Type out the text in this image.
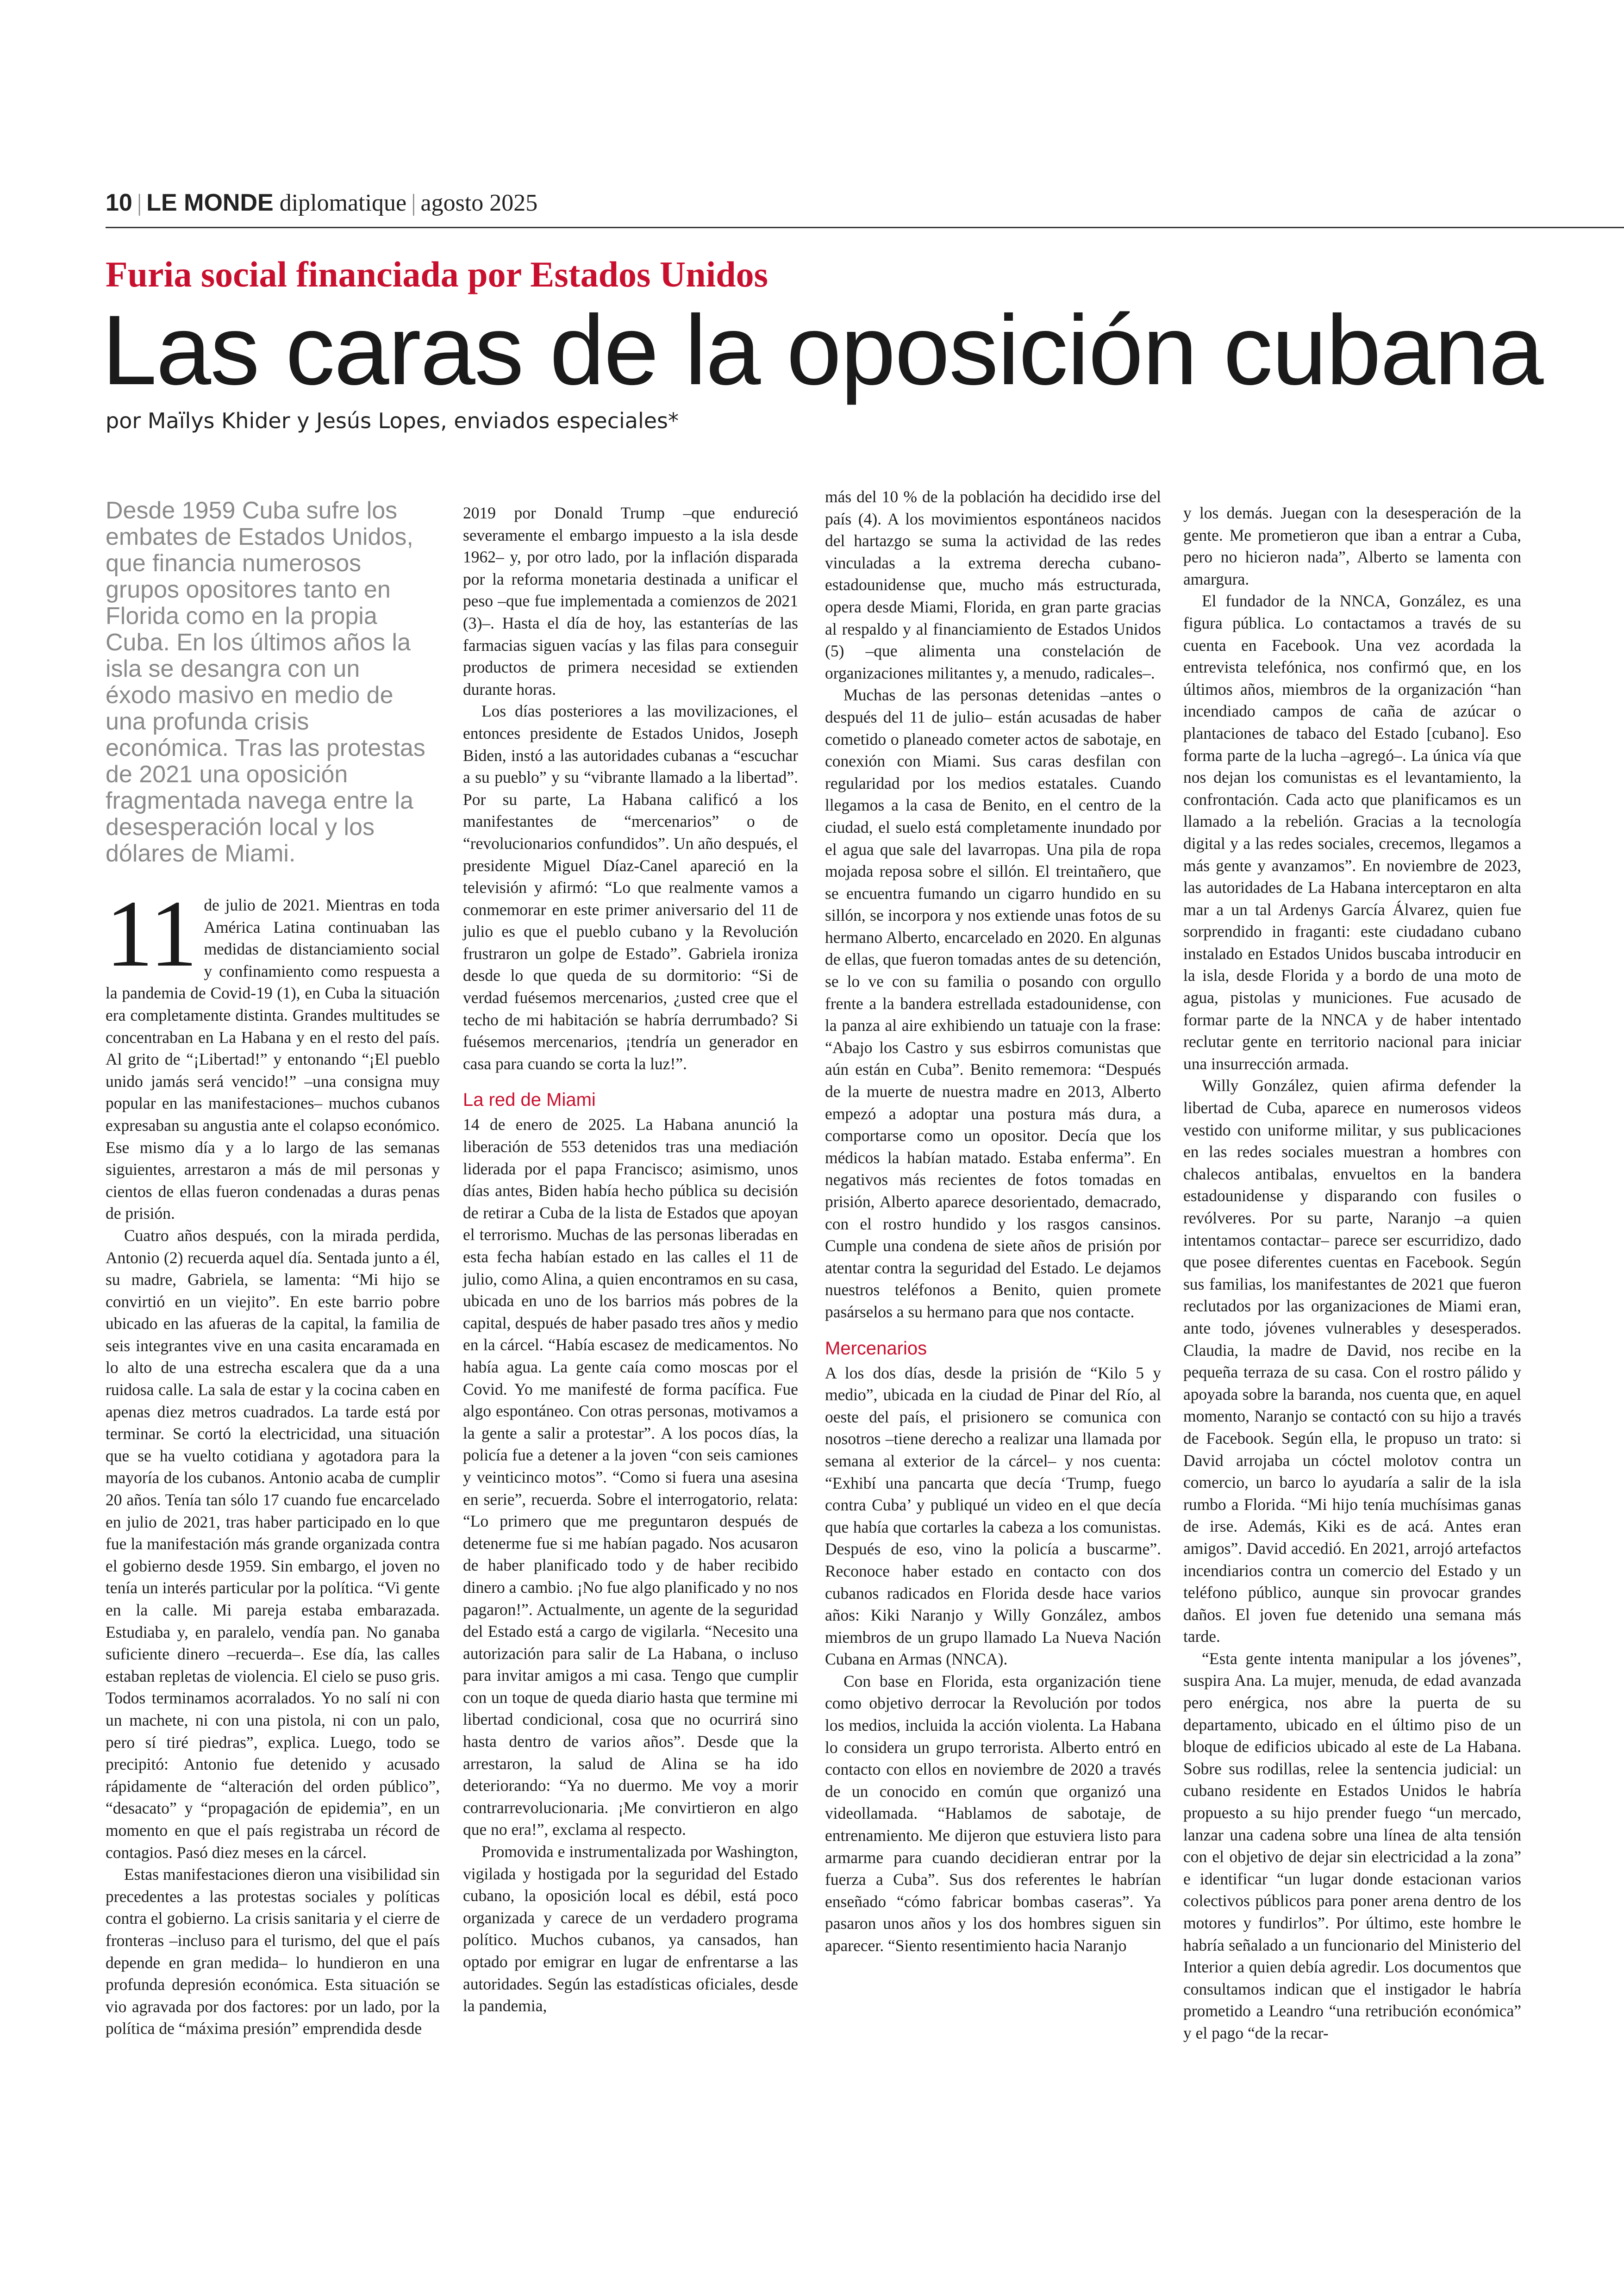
10 | LE MONDE diplomatique | agosto 2025
Furia social financiada por Estados Unidos
Las caras de la oposición cubana
por Maïlys Khider y Jesús Lopes, enviados especiales*

Desde 1959 Cuba sufre los embates de Estados Unidos, que financia numerosos grupos opositores tanto en Florida como en la propia Cuba. En los últimos años la isla se desangra con un éxodo masivo en medio de una profunda crisis económica. Tras las protestas de 2021 una oposición fragmentada navega entre la desesperación local y los dólares de Miami.

11 de julio de 2021. Mientras en toda América Latina continuaban las medidas de distanciamiento social y confinamiento como respuesta a la pandemia de Covid-19 (1), en Cuba la situación era completamente distinta. Grandes multitudes se concentraban en La Habana y en el resto del país. Al grito de “¡Libertad!” y entonando “¡El pueblo unido jamás será vencido!” –una consigna muy popular en las manifestaciones– muchos cubanos expresaban su angustia ante el colapso económico. Ese mismo día y a lo largo de las semanas siguientes, arrestaron a más de mil personas y cientos de ellas fueron condenadas a duras penas de prisión.

Cuatro años después, con la mirada perdida, Antonio (2) recuerda aquel día. Sentada junto a él, su madre, Gabriela, se lamenta: “Mi hijo se convirtió en un viejito”. En este barrio pobre ubicado en las afueras de la capital, la familia de seis integrantes vive en una casita encaramada en lo alto de una estrecha escalera que da a una ruidosa calle. La sala de estar y la cocina caben en apenas diez metros cuadrados. La tarde está por terminar. Se cortó la electricidad, una situación que se ha vuelto cotidiana y agotadora para la mayoría de los cubanos. Antonio acaba de cumplir 20 años. Tenía tan sólo 17 cuando fue encarcelado en julio de 2021, tras haber participado en lo que fue la manifestación más grande organizada contra el gobierno desde 1959. Sin embargo, el joven no tenía un interés particular por la política. “Vi gente en la calle. Mi pareja estaba embarazada. Estudiaba y, en paralelo, vendía pan. No ganaba suficiente dinero –recuerda–. Ese día, las calles estaban repletas de violencia. El cielo se puso gris. Todos terminamos acorralados. Yo no salí ni con un machete, ni con una pistola, ni con un palo, pero sí tiré piedras”, explica. Luego, todo se precipitó: Antonio fue detenido y acusado rápidamente de “alteración del orden público”, “desacato” y “propagación de epidemia”, en un momento en que el país registraba un récord de contagios. Pasó diez meses en la cárcel.

Estas manifestaciones dieron una visibilidad sin precedentes a las protestas sociales y políticas contra el gobierno. La crisis sanitaria y el cierre de fronteras –incluso para el turismo, del que el país depende en gran medida– lo hundieron en una profunda depresión económica. Esta situación se vio agravada por dos factores: por un lado, por la política de “máxima presión” emprendida desde

2019 por Donald Trump –que endureció severamente el embargo impuesto a la isla desde 1962– y, por otro lado, por la inflación disparada por la reforma monetaria destinada a unificar el peso –que fue implementada a comienzos de 2021 (3)–. Hasta el día de hoy, las estanterías de las farmacias siguen vacías y las filas para conseguir productos de primera necesidad se extienden durante horas.

Los días posteriores a las movilizaciones, el entonces presidente de Estados Unidos, Joseph Biden, instó a las autoridades cubanas a “escuchar a su pueblo” y su “vibrante llamado a la libertad”. Por su parte, La Habana calificó a los manifestantes de “mercenarios” o de “revolucionarios confundidos”. Un año después, el presidente Miguel Díaz-Canel apareció en la televisión y afirmó: “Lo que realmente vamos a conmemorar en este primer aniversario del 11 de julio es que el pueblo cubano y la Revolución frustraron un golpe de Estado”. Gabriela ironiza desde lo que queda de su dormitorio: “Si de verdad fuésemos mercenarios, ¿usted cree que el techo de mi habitación se habría derrumbado? Si fuésemos mercenarios, ¡tendría un generador en casa para cuando se corta la luz!”.

La red de Miami

14 de enero de 2025. La Habana anunció la liberación de 553 detenidos tras una mediación liderada por el papa Francisco; asimismo, unos días antes, Biden había hecho pública su decisión de retirar a Cuba de la lista de Estados que apoyan el terrorismo. Muchas de las personas liberadas en esta fecha habían estado en las calles el 11 de julio, como Alina, a quien encontramos en su casa, ubicada en uno de los barrios más pobres de la capital, después de haber pasado tres años y medio en la cárcel. “Había escasez de medicamentos. No había agua. La gente caía como moscas por el Covid. Yo me manifesté de forma pacífica. Fue algo espontáneo. Con otras personas, motivamos a la gente a salir a protestar”. A los pocos días, la policía fue a detener a la joven “con seis camiones y veinticinco motos”. “Como si fuera una asesina en serie”, recuerda. Sobre el interrogatorio, relata: “Lo primero que me preguntaron después de detenerme fue si me habían pagado. Nos acusaron de haber planificado todo y de haber recibido dinero a cambio. ¡No fue algo planificado y no nos pagaron!”. Actualmente, un agente de la seguridad del Estado está a cargo de vigilarla. “Necesito una autorización para salir de La Habana, o incluso para invitar amigos a mi casa. Tengo que cumplir con un toque de queda diario hasta que termine mi libertad condicional, cosa que no ocurrirá sino hasta dentro de varios años”. Desde que la arrestaron, la salud de Alina se ha ido deteriorando: “Ya no duermo. Me voy a morir contrarrevolucionaria. ¡Me convirtieron en algo que no era!”, exclama al respecto.

Promovida e instrumentalizada por Washington, vigilada y hostigada por la seguridad del Estado cubano, la oposición local es débil, está poco organizada y carece de un verdadero programa político. Muchos cubanos, ya cansados, han optado por emigrar en lugar de enfrentarse a las autoridades. Según las estadísticas oficiales, desde la pandemia,

más del 10 % de la población ha decidido irse del país (4). A los movimientos espontáneos nacidos del hartazgo se suma la actividad de las redes vinculadas a la extrema derecha cubano-estadounidense que, mucho más estructurada, opera desde Miami, Florida, en gran parte gracias al respaldo y al financiamiento de Estados Unidos (5) –que alimenta una constelación de organizaciones militantes y, a menudo, radicales–.

Muchas de las personas detenidas –antes o después del 11 de julio– están acusadas de haber cometido o planeado cometer actos de sabotaje, en conexión con Miami. Sus caras desfilan con regularidad por los medios estatales. Cuando llegamos a la casa de Benito, en el centro de la ciudad, el suelo está completamente inundado por el agua que sale del lavarropas. Una pila de ropa mojada reposa sobre el sillón. El treintañero, que se encuentra fumando un cigarro hundido en su sillón, se incorpora y nos extiende unas fotos de su hermano Alberto, encarcelado en 2020. En algunas de ellas, que fueron tomadas antes de su detención, se lo ve con su familia o posando con orgullo frente a la bandera estrellada estadounidense, con la panza al aire exhibiendo un tatuaje con la frase: “Abajo los Castro y sus esbirros comunistas que aún están en Cuba”. Benito rememora: “Después de la muerte de nuestra madre en 2013, Alberto empezó a adoptar una postura más dura, a comportarse como un opositor. Decía que los médicos la habían matado. Estaba enferma”. En negativos más recientes de fotos tomadas en prisión, Alberto aparece desorientado, demacrado, con el rostro hundido y los rasgos cansinos. Cumple una condena de siete años de prisión por atentar contra la seguridad del Estado. Le dejamos nuestros teléfonos a Benito, quien promete pasárselos a su hermano para que nos contacte.

Mercenarios

A los dos días, desde la prisión de “Kilo 5 y medio”, ubicada en la ciudad de Pinar del Río, al oeste del país, el prisionero se comunica con nosotros –tiene derecho a realizar una llamada por semana al exterior de la cárcel– y nos cuenta: “Exhibí una pancarta que decía ‘Trump, fuego contra Cuba’ y publiqué un video en el que decía que había que cortarles la cabeza a los comunistas. Después de eso, vino la policía a buscarme”. Reconoce haber estado en contacto con dos cubanos radicados en Florida desde hace varios años: Kiki Naranjo y Willy González, ambos miembros de un grupo llamado La Nueva Nación Cubana en Armas (NNCA).

Con base en Florida, esta organización tiene como objetivo derrocar la Revolución por todos los medios, incluida la acción violenta. La Habana lo considera un grupo terrorista. Alberto entró en contacto con ellos en noviembre de 2020 a través de un conocido en común que organizó una videollamada. “Hablamos de sabotaje, de entrenamiento. Me dijeron que estuviera listo para armarme para cuando decidieran entrar por la fuerza a Cuba”. Sus dos referentes le habrían enseñado “cómo fabricar bombas caseras”. Ya pasaron unos años y los dos hombres siguen sin aparecer. “Siento resentimiento hacia Naranjo

y los demás. Juegan con la desesperación de la gente. Me prometieron que iban a entrar a Cuba, pero no hicieron nada”, Alberto se lamenta con amargura.

El fundador de la NNCA, González, es una figura pública. Lo contactamos a través de su cuenta en Facebook. Una vez acordada la entrevista telefónica, nos confirmó que, en los últimos años, miembros de la organización “han incendiado campos de caña de azúcar o plantaciones de tabaco del Estado [cubano]. Eso forma parte de la lucha –agregó–. La única vía que nos dejan los comunistas es el levantamiento, la confrontación. Cada acto que planificamos es un llamado a la rebelión. Gracias a la tecnología digital y a las redes sociales, crecemos, llegamos a más gente y avanzamos”. En noviembre de 2023, las autoridades de La Habana interceptaron en alta mar a un tal Ardenys García Álvarez, quien fue sorprendido in fraganti: este ciudadano cubano instalado en Estados Unidos buscaba introducir en la isla, desde Florida y a bordo de una moto de agua, pistolas y municiones. Fue acusado de formar parte de la NNCA y de haber intentado reclutar gente en territorio nacional para iniciar una insurrección armada.

Willy González, quien afirma defender la libertad de Cuba, aparece en numerosos videos vestido con uniforme militar, y sus publicaciones en las redes sociales muestran a hombres con chalecos antibalas, envueltos en la bandera estadounidense y disparando con fusiles o revólveres. Por su parte, Naranjo –a quien intentamos contactar– parece ser escurridizo, dado que posee diferentes cuentas en Facebook. Según sus familias, los manifestantes de 2021 que fueron reclutados por las organizaciones de Miami eran, ante todo, jóvenes vulnerables y desesperados. Claudia, la madre de David, nos recibe en la pequeña terraza de su casa. Con el rostro pálido y apoyada sobre la baranda, nos cuenta que, en aquel momento, Naranjo se contactó con su hijo a través de Facebook. Según ella, le propuso un trato: si David arrojaba un cóctel molotov contra un comercio, un barco lo ayudaría a salir de la isla rumbo a Florida. “Mi hijo tenía muchísimas ganas de irse. Además, Kiki es de acá. Antes eran amigos”. David accedió. En 2021, arrojó artefactos incendiarios contra un comercio del Estado y un teléfono público, aunque sin provocar grandes daños. El joven fue detenido una semana más tarde.

“Esta gente intenta manipular a los jóvenes”, suspira Ana. La mujer, menuda, de edad avanzada pero enérgica, nos abre la puerta de su departamento, ubicado en el último piso de un bloque de edificios ubicado al este de La Habana. Sobre sus rodillas, relee la sentencia judicial: un cubano residente en Estados Unidos le habría propuesto a su hijo prender fuego “un mercado, lanzar una cadena sobre una línea de alta tensión con el objetivo de dejar sin electricidad a la zona” e identificar “un lugar donde estacionan varios colectivos públicos para poner arena dentro de los motores y fundirlos”. Por último, este hombre le habría señalado a un funcionario del Ministerio del Interior a quien debía agredir. Los documentos que consultamos indican que el instigador le habría prometido a Leandro “una retribución económica” y el pago “de la recar-
